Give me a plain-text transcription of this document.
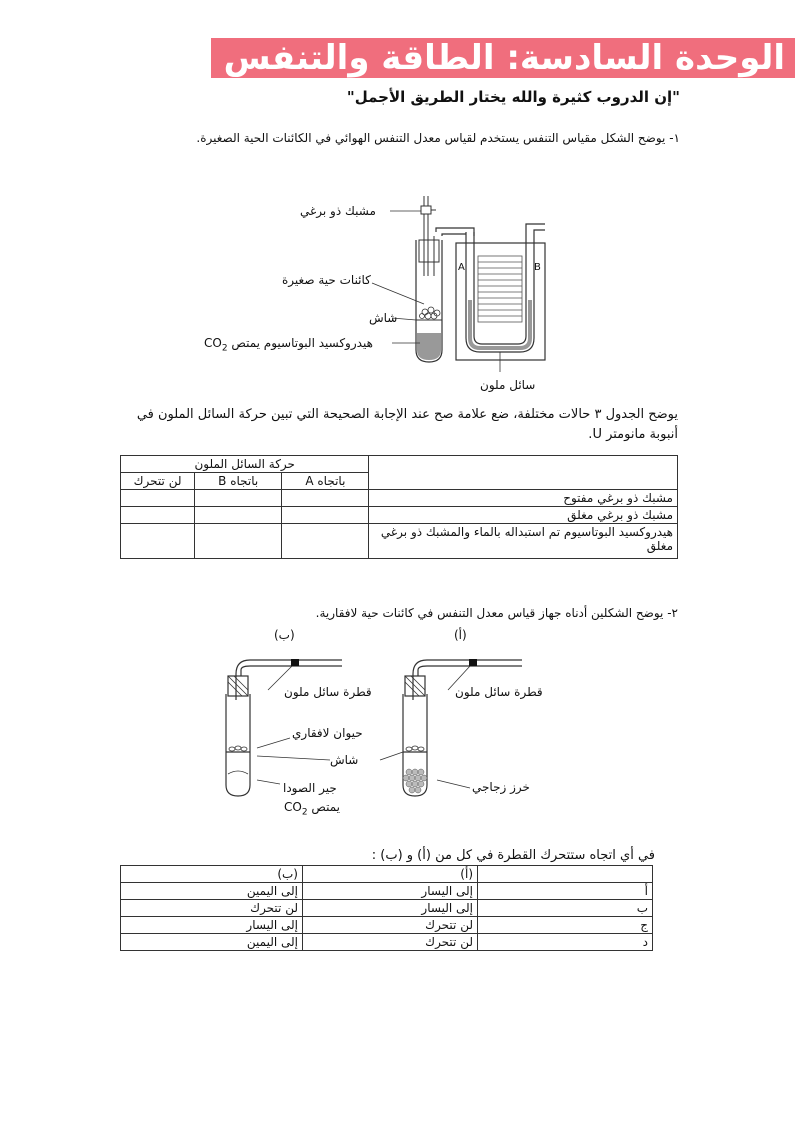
الوحدة السادسة: الطاقة والتنفس
"إن الدروب كثيرة والله يختار الطريق الأجمل"
١- يوضح الشكل مقياس التنفس يستخدم لقياس معدل التنفس الهوائي في الكائنات الحية الصغيرة.
مشبك ذو برغي
كائنات حية صغيرة
شاش
هيدروكسيد البوتاسيوم يمتص $CO_2$
سائل ملون
A	B
يوضح الجدول ٣ حالات مختلفة، ضع علامة صح عند الإجابة الصحيحة التي تبين حركة السائل الملون في أنبوبة مانومتر U.
	حركة السائل الملون		
	باتجاه A	باتجاه B	لن تتحرك
مشبك ذو برغي مفتوح			
مشبك ذو برغي مغلق			
هيدروكسيد البوتاسيوم تم استبداله بالماء والمشبك ذو برغي مغلق			
٢- يوضح الشكلين أدناه جهاز قياس معدل التنفس في كائنات حية لافقارية.
(ب)	(أ)
قطرة سائل ملون	قطرة سائل ملون
حيوان لافقاري
شاش
جير الصودا
يمتص $CO_2$
خرز زجاجي
في أي اتجاه ستتحرك القطرة في كل من (أ) و (ب) :
	(أ)	(ب)
أ	إلى اليسار	إلى اليمين
ب	إلى اليسار	لن تتحرك
ج	لن تتحرك	إلى اليسار
د	لن تتحرك	إلى اليمين
